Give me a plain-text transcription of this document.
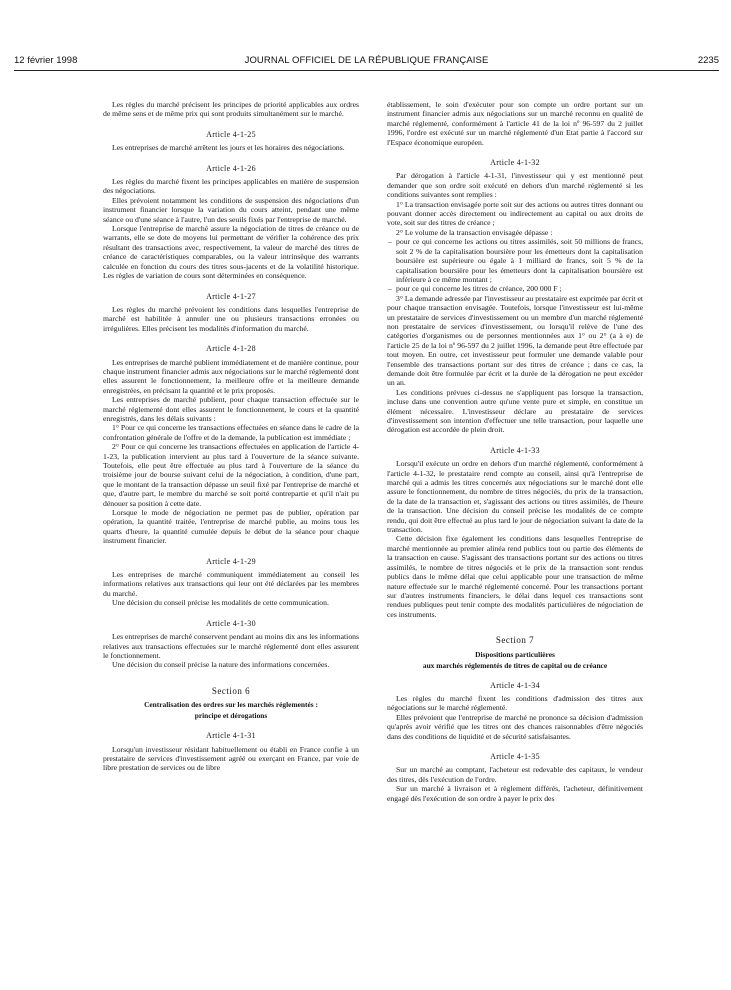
12 février 1998	JOURNAL OFFICIEL DE LA RÉPUBLIQUE FRANÇAISE	2235

Les règles du marché précisent les principes de priorité applicables aux ordres de même sens et de même prix qui sont produits simultanément sur le marché.

Article 4-1-25

Les entreprises de marché arrêtent les jours et les horaires des négociations.

Article 4-1-26

Les règles du marché fixent les principes applicables en matière de suspension des négociations.

Elles prévoient notamment les conditions de suspension des négociations d'un instrument financier lorsque la variation du cours atteint, pendant une même séance ou d'une séance à l'autre, l'un des seuils fixés par l'entreprise de marché.

Lorsque l'entreprise de marché assure la négociation de titres de créance ou de warrants, elle se dote de moyens lui permettant de vérifier la cohérence des prix résultant des transactions avec, respectivement, la valeur de marché des titres de créance de caractéristiques comparables, ou la valeur intrinsèque des warrants calculée en fonction du cours des titres sous-jacents et de la volatilité historique. Les règles de variation de cours sont déterminées en conséquence.

Article 4-1-27

Les règles du marché prévoient les conditions dans lesquelles l'entreprise de marché est habilitée à annuler une ou plusieurs transactions erronées ou irrégulières. Elles précisent les modalités d'information du marché.

Article 4-1-28

Les entreprises de marché publient immédiatement et de manière continue, pour chaque instrument financier admis aux négociations sur le marché réglementé dont elles assurent le fonctionnement, la meilleure offre et la meilleure demande enregistrées, en précisant la quantité et le prix proposés.

Les entreprises de marché publient, pour chaque transaction effectuée sur le marché réglementé dont elles assurent le fonctionnement, le cours et la quantité enregistrés, dans les délais suivants :

1° Pour ce qui concerne les transactions effectuées en séance dans le cadre de la confrontation générale de l'offre et de la demande, la publication est immédiate ;

2° Pour ce qui concerne les transactions effectuées en application de l'article 4-1-23, la publication intervient au plus tard à l'ouverture de la séance suivante. Toutefois, elle peut être effectuée au plus tard à l'ouverture de la séance du troisième jour de bourse suivant celui de la négociation, à condition, d'une part, que le montant de la transaction dépasse un seuil fixé par l'entreprise de marché et que, d'autre part, le membre du marché se soit porté contrepartie et qu'il n'ait pu dénouer sa position à cette date.

Lorsque le mode de négociation ne permet pas de publier, opération par opération, la quantité traitée, l'entreprise de marché publie, au moins tous les quarts d'heure, la quantité cumulée depuis le début de la séance pour chaque instrument financier.

Article 4-1-29

Les entreprises de marché communiquent immédiatement au conseil les informations relatives aux transactions qui leur ont été déclarées par les membres du marché.

Une décision du conseil précise les modalités de cette communication.

Article 4-1-30

Les entreprises de marché conservent pendant au moins dix ans les informations relatives aux transactions effectuées sur le marché réglementé dont elles assurent le fonctionnement.

Une décision du conseil précise la nature des informations concernées.

Section 6
Centralisation des ordres sur les marchés réglementés :
principe et dérogations
Article 4-1-31

Lorsqu'un investisseur résidant habituellement ou établi en France confie à un prestataire de services d'investissement agréé ou exerçant en France, par voie de libre prestation de services ou de libre

établissement, le soin d'exécuter pour son compte un ordre portant sur un instrument financier admis aux négociations sur un marché reconnu en qualité de marché réglementé, conformément à l'article 41 de la loi nº 96-597 du 2 juillet 1996, l'ordre est exécuté sur un marché réglementé d'un Etat partie à l'accord sur l'Espace économique européen.

Article 4-1-32

Par dérogation à l'article 4-1-31, l'investisseur qui y est mentionné peut demander que son ordre soit exécuté en dehors d'un marché réglementé si les conditions suivantes sont remplies :

1° La transaction envisagée porte soit sur des actions ou autres titres donnant ou pouvant donner accès directement ou indirectement au capital ou aux droits de vote, soit sur des titres de créance ;

2° Le volume de la transaction envisagée dépasse :

– pour ce qui concerne les actions ou titres assimilés, soit 50 millions de francs, soit 2 % de la capitalisation boursière pour les émetteurs dont la capitalisation boursière est supérieure ou égale à 1 milliard de francs, soit 5 % de la capitalisation boursière pour les émetteurs dont la capitalisation boursière est inférieure à ce même montant ;

– pour ce qui concerne les titres de créance, 200 000 F ;

3° La demande adressée par l'investisseur au prestataire est exprimée par écrit et pour chaque transaction envisagée. Toutefois, lorsque l'investisseur est lui-même un prestataire de services d'investissement ou un membre d'un marché réglementé non prestataire de services d'investissement, ou lorsqu'il relève de l'une des catégories d'organismes ou de personnes mentionnées aux 1° ou 2° (a à e) de l'article 25 de la loi nº 96-597 du 2 juillet 1996, la demande peut être effectuée par tout moyen. En outre, cet investisseur peut formuler une demande valable pour l'ensemble des transactions portant sur des titres de créance ; dans ce cas, la demande doit être formulée par écrit et la durée de la dérogation ne peut excéder un an.

Les conditions prévues ci-dessus ne s'appliquent pas lorsque la transaction, incluse dans une convention autre qu'une vente pure et simple, en constitue un élément nécessaire. L'investisseur déclare au prestataire de services d'investissement son intention d'effectuer une telle transaction, pour laquelle une dérogation est accordée de plein droit.

Article 4-1-33

Lorsqu'il exécute un ordre en dehors d'un marché réglementé, conformément à l'article 4-1-32, le prestataire rend compte au conseil, ainsi qu'à l'entreprise de marché qui a admis les titres concernés aux négociations sur le marché dont elle assure le fonctionnement, du nombre de titres négociés, du prix de la transaction, de la date de la transaction et, s'agissant des actions ou titres assimilés, de l'heure de la transaction. Une décision du conseil précise les modalités de ce compte rendu, qui doit être effectué au plus tard le jour de négociation suivant la date de la transaction.

Cette décision fixe également les conditions dans lesquelles l'entreprise de marché mentionnée au premier alinéa rend publics tout ou partie des éléments de la transaction en cause. S'agissant des transactions portant sur des actions ou titres assimilés, le nombre de titres négociés et le prix de la transaction sont rendus publics dans le même délai que celui applicable pour une transaction de même nature effectuée sur le marché réglementé concerné. Pour les transactions portant sur d'autres instruments financiers, le délai dans lequel ces transactions sont rendues publiques peut tenir compte des modalités particulières de négociation de ces instruments.

Section 7
Dispositions particulières
aux marchés réglementés de titres de capital ou de créance
Article 4-1-34

Les règles du marché fixent les conditions d'admission des titres aux négociations sur le marché réglementé.

Elles prévoient que l'entreprise de marché ne prononce sa décision d'admission qu'après avoir vérifié que les titres ont des chances raisonnables d'être négociés dans des conditions de liquidité et de sécurité satisfaisantes.

Article 4-1-35

Sur un marché au comptant, l'acheteur est redevable des capitaux, le vendeur des titres, dès l'exécution de l'ordre.

Sur un marché à livraison et à règlement différés, l'acheteur, définitivement engagé dès l'exécution de son ordre à payer le prix des
